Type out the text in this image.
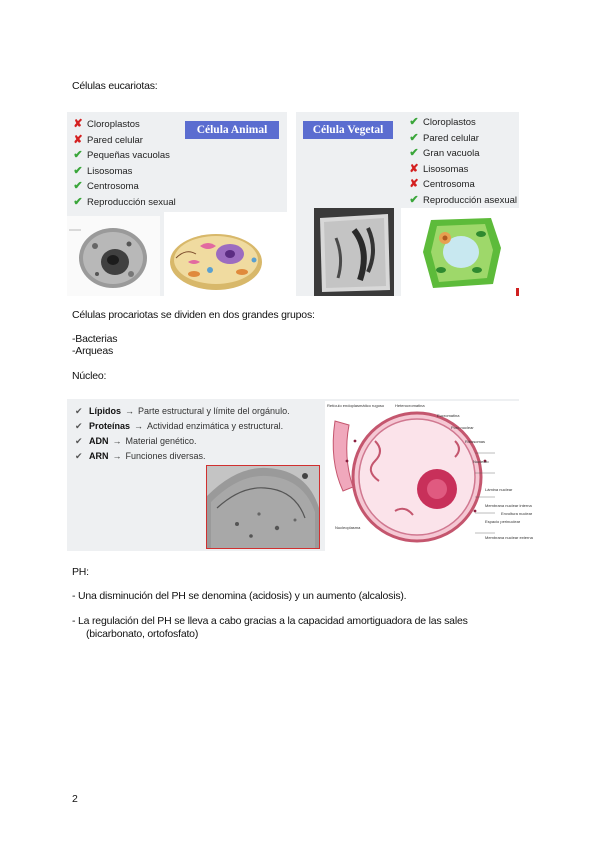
Células eucariotas:
✘ Cloroplastos
✘ Pared celular
✔ Pequeñas vacuolas
✔ Lisosomas
✔ Centrosoma
✔ Reproducción sexual
Célula Animal	Célula Vegetal
✔ Cloroplastos
✔ Pared celular
✔ Gran vacuola
✘ Lisosomas
✘ Centrosoma
✔ Reproducción asexual
Células procariotas se dividen en dos grandes grupos:
-Bacterias
-Arqueas
Núcleo:
✔ Lípidos → Parte estructural y límite del orgánulo.
✔ Proteínas → Actividad enzimática y estructural.
✔ ADN → Material genético.
✔ ARN → Funciones diversas.
Retículo endoplasmático rugoso	Heterocromatina
Eucromatina
Poro nuclear
Ribosomas
Nucleolo
Lámina nuclear
Membrana nuclear interna
Espacio perinuclear
Membrana nuclear externa
Envoltura nuclear
Nucleoplasma
PH:
- Una disminución del PH se denomina (acidosis) y un aumento (alcalosis).
- La regulación del PH se lleva a cabo gracias a la capacidad amortiguadora de las sales
(bicarbonato, ortofosfato)
2
